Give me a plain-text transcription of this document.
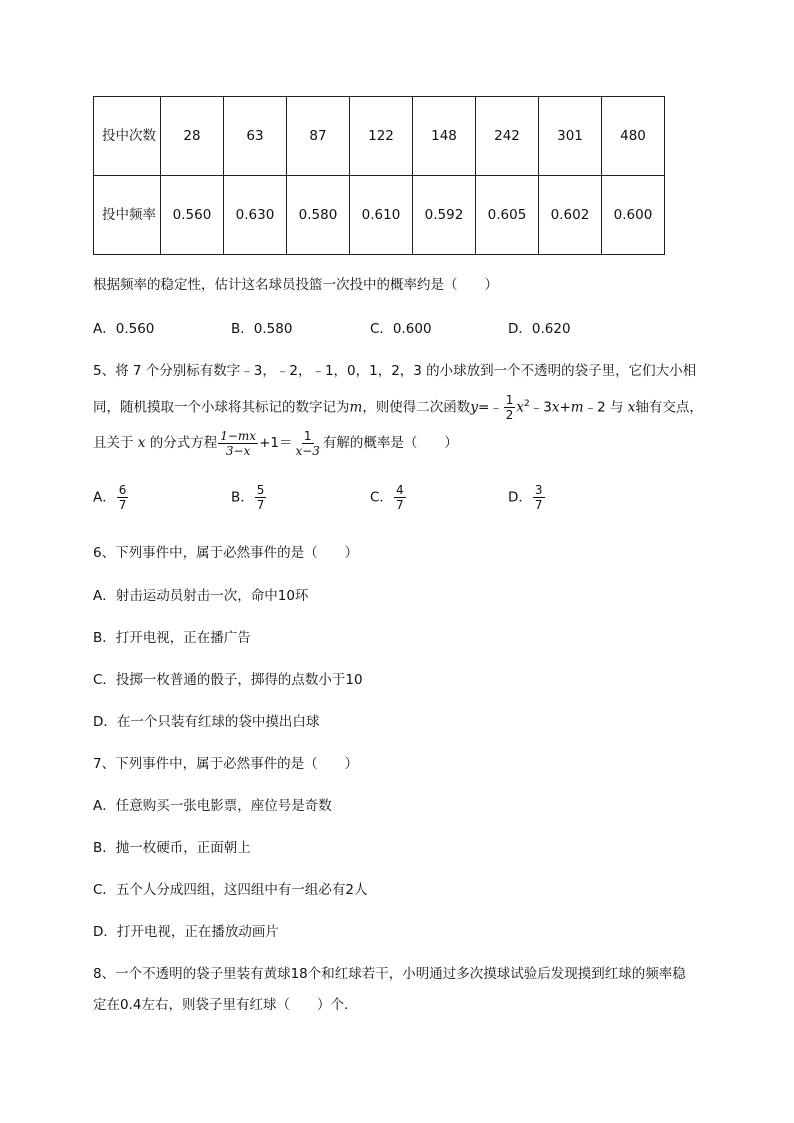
投中次数	28	63	87	122	148	242	301	480
投中频率	0.560	0.630	0.580	0.610	0.592	0.605	0.602	0.600
根据频率的稳定性，估计这名球员投篮一次投中的概率约是（　　）
A．0.560	B．0.580	C．0.600	D．0.620
5、将 7 个分别标有数字﹣3，﹣2，﹣1，0，1，2，3 的小球放到一个不透明的袋子里，它们大小相
同，随机摸取一个小球将其标记的数字记为m，则使得二次函数y=﹣ $\frac{1}{2}$ $x^2﹣3x+m﹣2$ 与 x轴有交点，
且关于 x 的分式方程 $\frac{1-mx}{3-x} +1= \frac{1}{x-3}$ 有解的概率是（　　）
A． $\frac{6}{7}$	B． $\frac{5}{7}$	C． $\frac{4}{7}$	D． $\frac{3}{7}$
6、下列事件中，属于必然事件的是（　　）
A．射击运动员射击一次，命中10环
B．打开电视，正在播广告
C．投掷一枚普通的骰子，掷得的点数小于10
D．在一个只装有红球的袋中摸出白球
7、下列事件中，属于必然事件的是（　　）
A．任意购买一张电影票，座位号是奇数
B．抛一枚硬币，正面朝上
C．五个人分成四组，这四组中有一组必有2人
D．打开电视，正在播放动画片
8、一个不透明的袋子里装有黄球18个和红球若干，小明通过多次摸球试验后发现摸到红球的频率稳
定在0.4左右，则袋子里有红球（　　）个.
